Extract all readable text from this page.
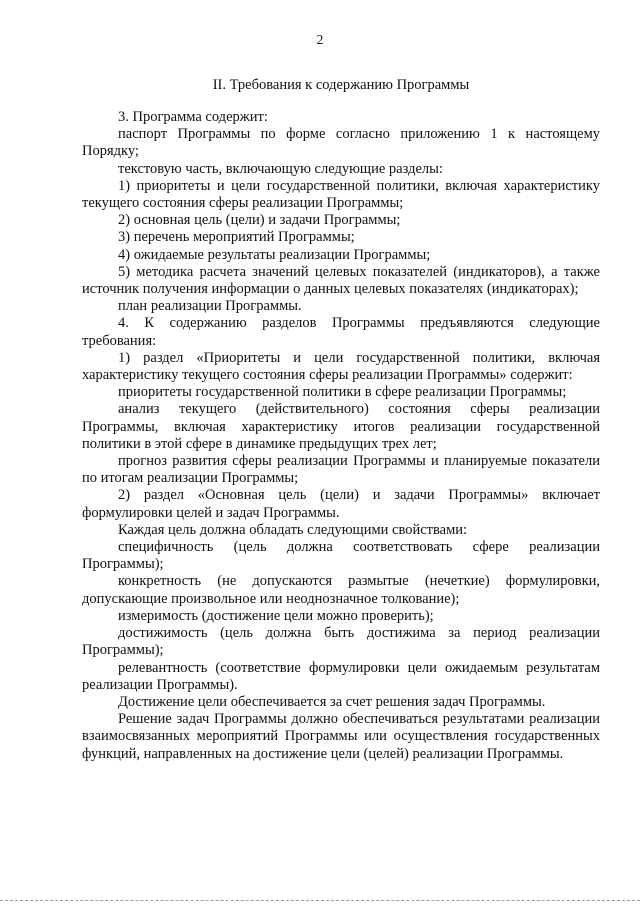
2
II. Требования к содержанию Программы

3. Программа содержит:

паспорт Программы по форме согласно приложению 1 к настоящему Порядку;

текстовую часть, включающую следующие разделы:

1) приоритеты и цели государственной политики, включая характеристику текущего состояния сферы реализации Программы;

2) основная цель (цели) и задачи Программы;

3) перечень мероприятий Программы;

4) ожидаемые результаты реализации Программы;

5) методика расчета значений целевых показателей (индикаторов), а также источник получения информации о данных целевых показателях (индикаторах);

план реализации Программы.

4. К содержанию разделов Программы предъявляются следующие требования:

1) раздел «Приоритеты и цели государственной политики, включая характеристику текущего состояния сферы реализации Программы» содержит:

приоритеты государственной политики в сфере реализации Программы;

анализ текущего (действительного) состояния сферы реализации Программы, включая характеристику итогов реализации государственной политики в этой сфере в динамике предыдущих трех лет;

прогноз развития сферы реализации Программы и планируемые показатели по итогам реализации Программы;

2) раздел «Основная цель (цели) и задачи Программы» включает формулировки целей и задач Программы.

Каждая цель должна обладать следующими свойствами:

специфичность (цель должна соответствовать сфере реализации Программы);

конкретность (не допускаются размытые (нечеткие) формулировки, допускающие произвольное или неоднозначное толкование);

измеримость (достижение цели можно проверить);

достижимость (цель должна быть достижима за период реализации Программы);

релевантность (соответствие формулировки цели ожидаемым результатам реализации Программы).

Достижение цели обеспечивается за счет решения задач Программы.

Решение задач Программы должно обеспечиваться результатами реализации взаимосвязанных мероприятий Программы или осуществления государственных функций, направленных на достижение цели (целей) реализации Программы.
